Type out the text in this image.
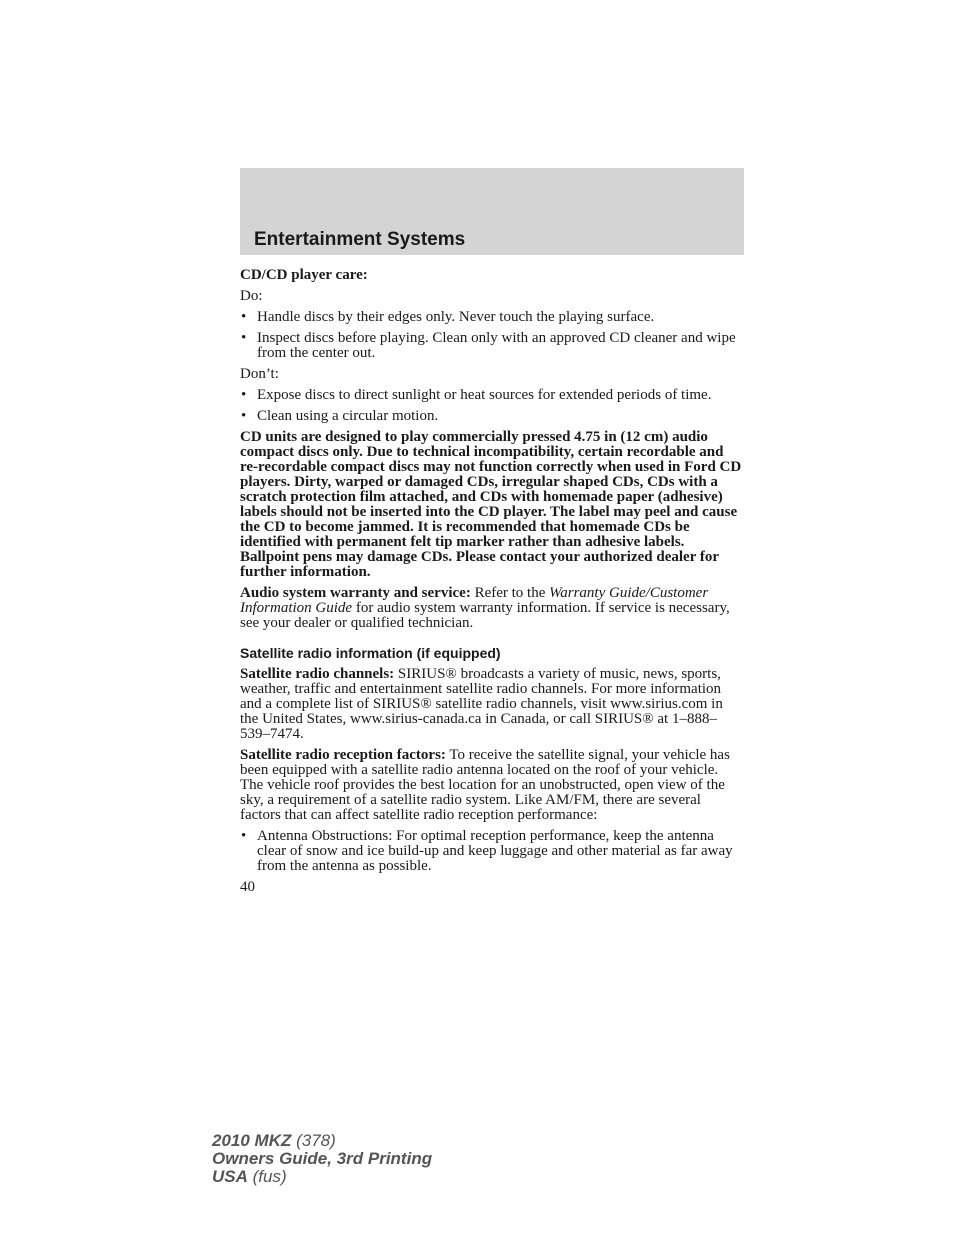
Entertainment Systems

CD/CD player care:

Do:

• Handle discs by their edges only. Never touch the playing surface.
• Inspect discs before playing. Clean only with an approved CD cleaner and wipe from the center out.

Don’t:

• Expose discs to direct sunlight or heat sources for extended periods of time.
• Clean using a circular motion.

CD units are designed to play commercially pressed 4.75 in (12 cm) audio compact discs only. Due to technical incompatibility, certain recordable and re-recordable compact discs may not function correctly when used in Ford CD players. Dirty, warped or damaged CDs, irregular shaped CDs, CDs with a scratch protection film attached, and CDs with homemade paper (adhesive) labels should not be inserted into the CD player. The label may peel and cause the CD to become jammed. It is recommended that homemade CDs be identified with permanent felt tip marker rather than adhesive labels. Ballpoint pens may damage CDs. Please contact your authorized dealer for further information.

Audio system warranty and service: Refer to the Warranty Guide/Customer Information Guide for audio system warranty information. If service is necessary, see your dealer or qualified technician.

Satellite radio information (if equipped)

Satellite radio channels: SIRIUS® broadcasts a variety of music, news, sports, weather, traffic and entertainment satellite radio channels. For more information and a complete list of SIRIUS® satellite radio channels, visit www.sirius.com in the United States, www.sirius-canada.ca in Canada, or call SIRIUS® at 1–888–539–7474.

Satellite radio reception factors: To receive the satellite signal, your vehicle has been equipped with a satellite radio antenna located on the roof of your vehicle. The vehicle roof provides the best location for an unobstructed, open view of the sky, a requirement of a satellite radio system. Like AM/FM, there are several factors that can affect satellite radio reception performance:

• Antenna Obstructions: For optimal reception performance, keep the antenna clear of snow and ice build-up and keep luggage and other material as far away from the antenna as possible.
40
2010 MKZ (378)
Owners Guide, 3rd Printing
USA (fus)
